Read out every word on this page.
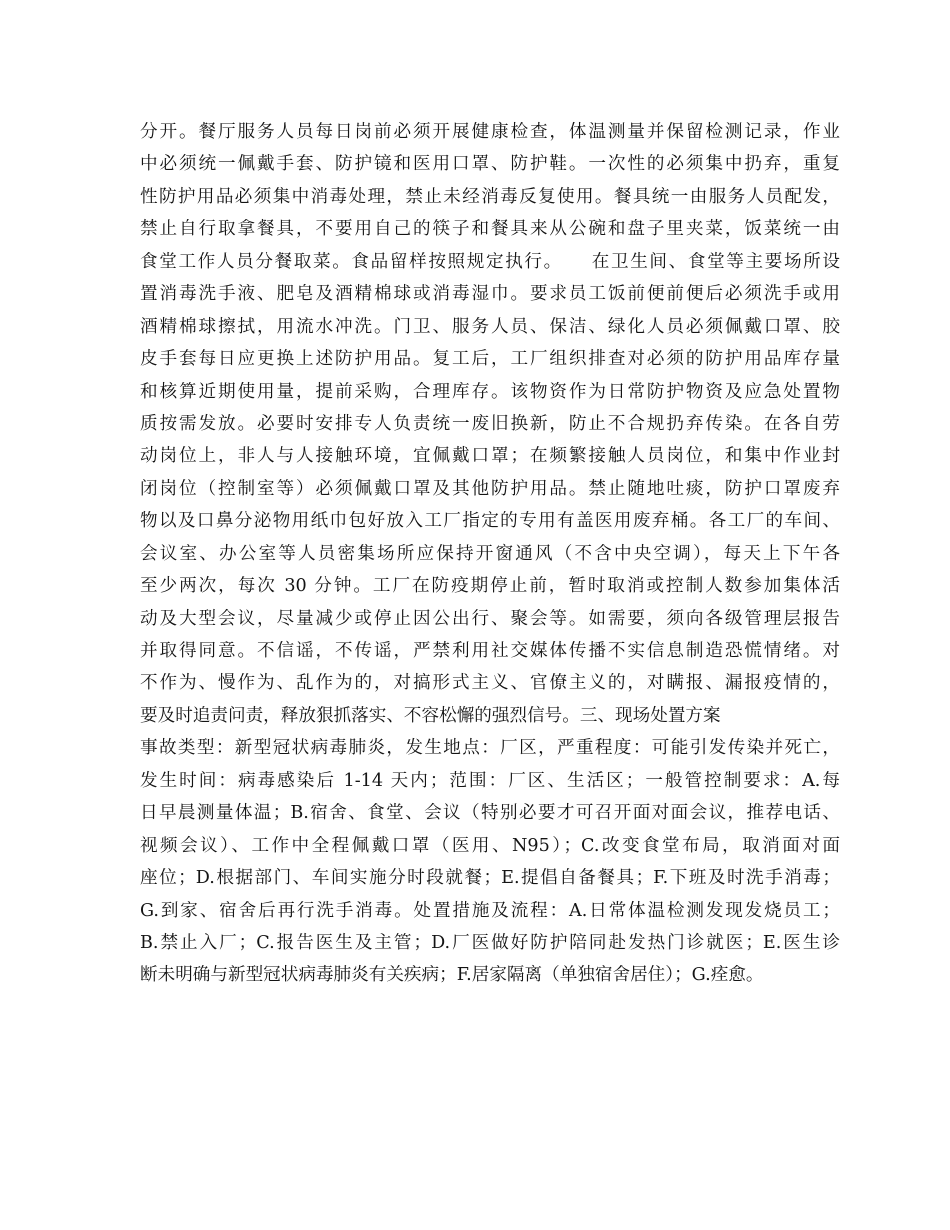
分开。餐厅服务人员每日岗前必须开展健康检查，体温测量并保留检测记录，作业
中必须统一佩戴手套、防护镜和医用口罩、防护鞋。一次性的必须集中扔弃，重复
性防护用品必须集中消毒处理，禁止未经消毒反复使用。餐具统一由服务人员配发，
禁止自行取拿餐具，不要用自己的筷子和餐具来从公碗和盘子里夹菜，饭菜统一由
食堂工作人员分餐取菜。食品留样按照规定执行。    在卫生间、食堂等主要场所设
置消毒洗手液、肥皂及酒精棉球或消毒湿巾。要求员工饭前便前便后必须洗手或用
酒精棉球擦拭，用流水冲洗。门卫、服务人员、保洁、绿化人员必须佩戴口罩、胶
皮手套每日应更换上述防护用品。复工后，工厂组织排查对必须的防护用品库存量
和核算近期使用量，提前采购，合理库存。该物资作为日常防护物资及应急处置物
质按需发放。必要时安排专人负责统一废旧换新，防止不合规扔弃传染。在各自劳
动岗位上，非人与人接触环境，宜佩戴口罩；在频繁接触人员岗位，和集中作业封
闭岗位（控制室等）必须佩戴口罩及其他防护用品。禁止随地吐痰，防护口罩废弃
物以及口鼻分泌物用纸巾包好放入工厂指定的专用有盖医用废弃桶。各工厂的车间、
会议室、办公室等人员密集场所应保持开窗通风（不含中央空调），每天上下午各
至少两次，每次 30 分钟。工厂在防疫期停止前，暂时取消或控制人数参加集体活
动及大型会议，尽量减少或停止因公出行、聚会等。如需要，须向各级管理层报告
并取得同意。不信谣，不传谣，严禁利用社交媒体传播不实信息制造恐慌情绪。对
不作为、慢作为、乱作为的，对搞形式主义、官僚主义的，对瞒报、漏报疫情的，
要及时追责问责，释放狠抓落实、不容松懈的强烈信号。三、现场处置方案
事故类型：新型冠状病毒肺炎，发生地点：厂区，严重程度：可能引发传染并死亡，
发生时间：病毒感染后 1-14 天内；范围：厂区、生活区；一般管控制要求：A.每
日早晨测量体温；B.宿舍、食堂、会议（特别必要才可召开面对面会议，推荐电话、
视频会议）、工作中全程佩戴口罩（医用、N95）；C.改变食堂布局，取消面对面
座位；D.根据部门、车间实施分时段就餐；E.提倡自备餐具；F.下班及时洗手消毒；
G.到家、宿舍后再行洗手消毒。处置措施及流程：A.日常体温检测发现发烧员工；
B.禁止入厂；C.报告医生及主管；D.厂医做好防护陪同赴发热门诊就医；E.医生诊
断未明确与新型冠状病毒肺炎有关疾病；F.居家隔离（单独宿舍居住）；G.痊愈。
